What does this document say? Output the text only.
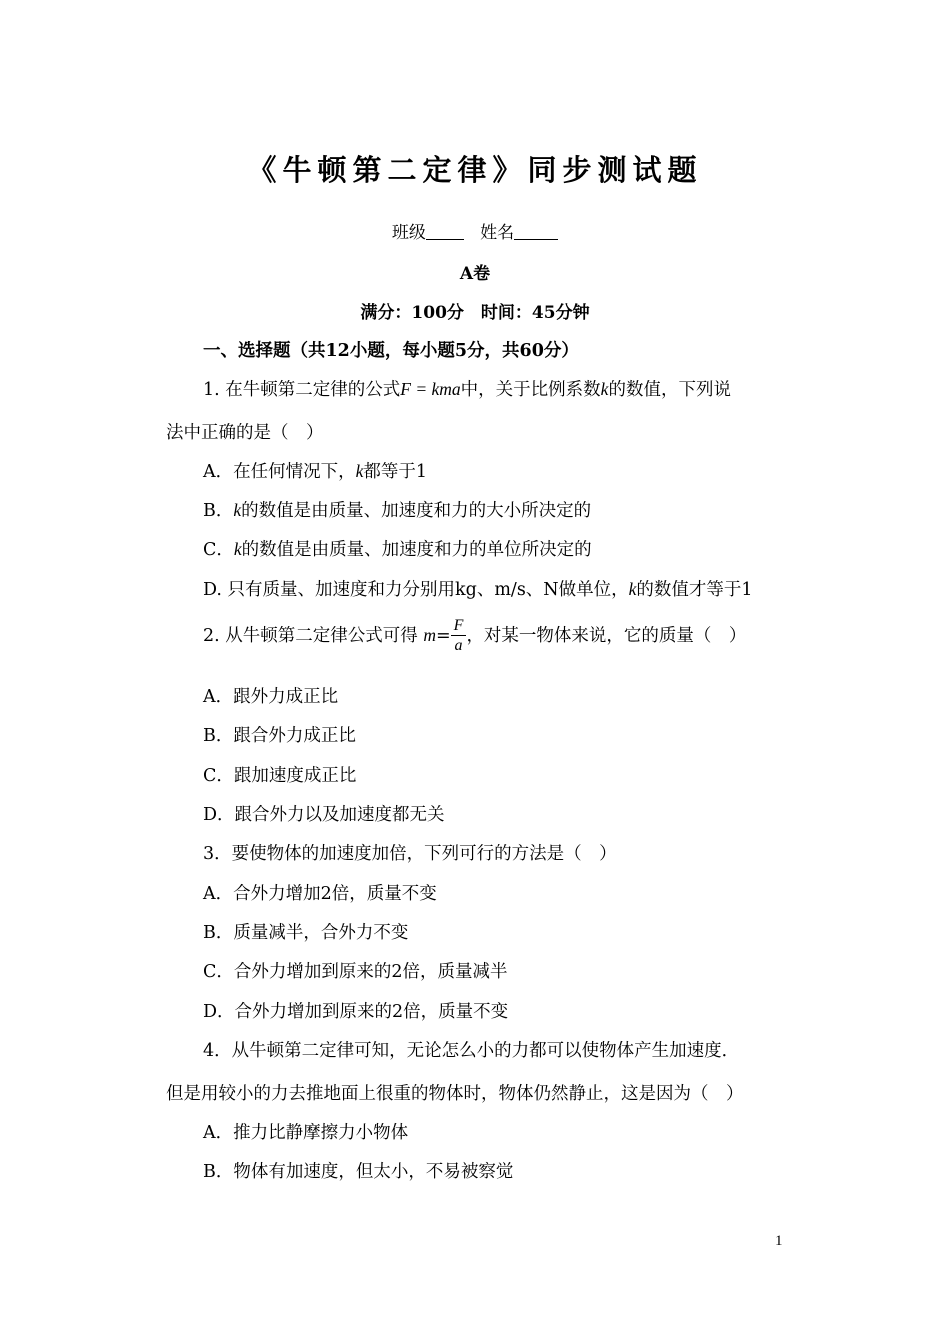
《牛顿第二定律》同步测试题
班级	姓名
A卷
满分：100分　时间：45分钟
一、选择题（共12小题，每小题5分，共60分）
1. 在牛顿第二定律的公式F = kma中，关于比例系数k的数值，下列说
法中正确的是（　）
A．在任何情况下，k都等于1
B．k的数值是由质量、加速度和力的大小所决定的
C．k的数值是由质量、加速度和力的单位所决定的
D. 只有质量、加速度和力分别用kg、m/s、N做单位，k的数值才等于1
2. 从牛顿第二定律公式可得 $m= \frac{F}{a}$ ，对某一物体来说，它的质量（　）
A．跟外力成正比
B．跟合外力成正比
C．跟加速度成正比
D．跟合外力以及加速度都无关
3．要使物体的加速度加倍，下列可行的方法是（　）
A．合外力增加2倍，质量不变
B．质量减半，合外力不变
C．合外力增加到原来的2倍，质量减半
D．合外力增加到原来的2倍，质量不变
4．从牛顿第二定律可知，无论怎么小的力都可以使物体产生加速度．
但是用较小的力去推地面上很重的物体时，物体仍然静止，这是因为（　）
A．推力比静摩擦力小物体
B．物体有加速度，但太小，不易被察觉
1
